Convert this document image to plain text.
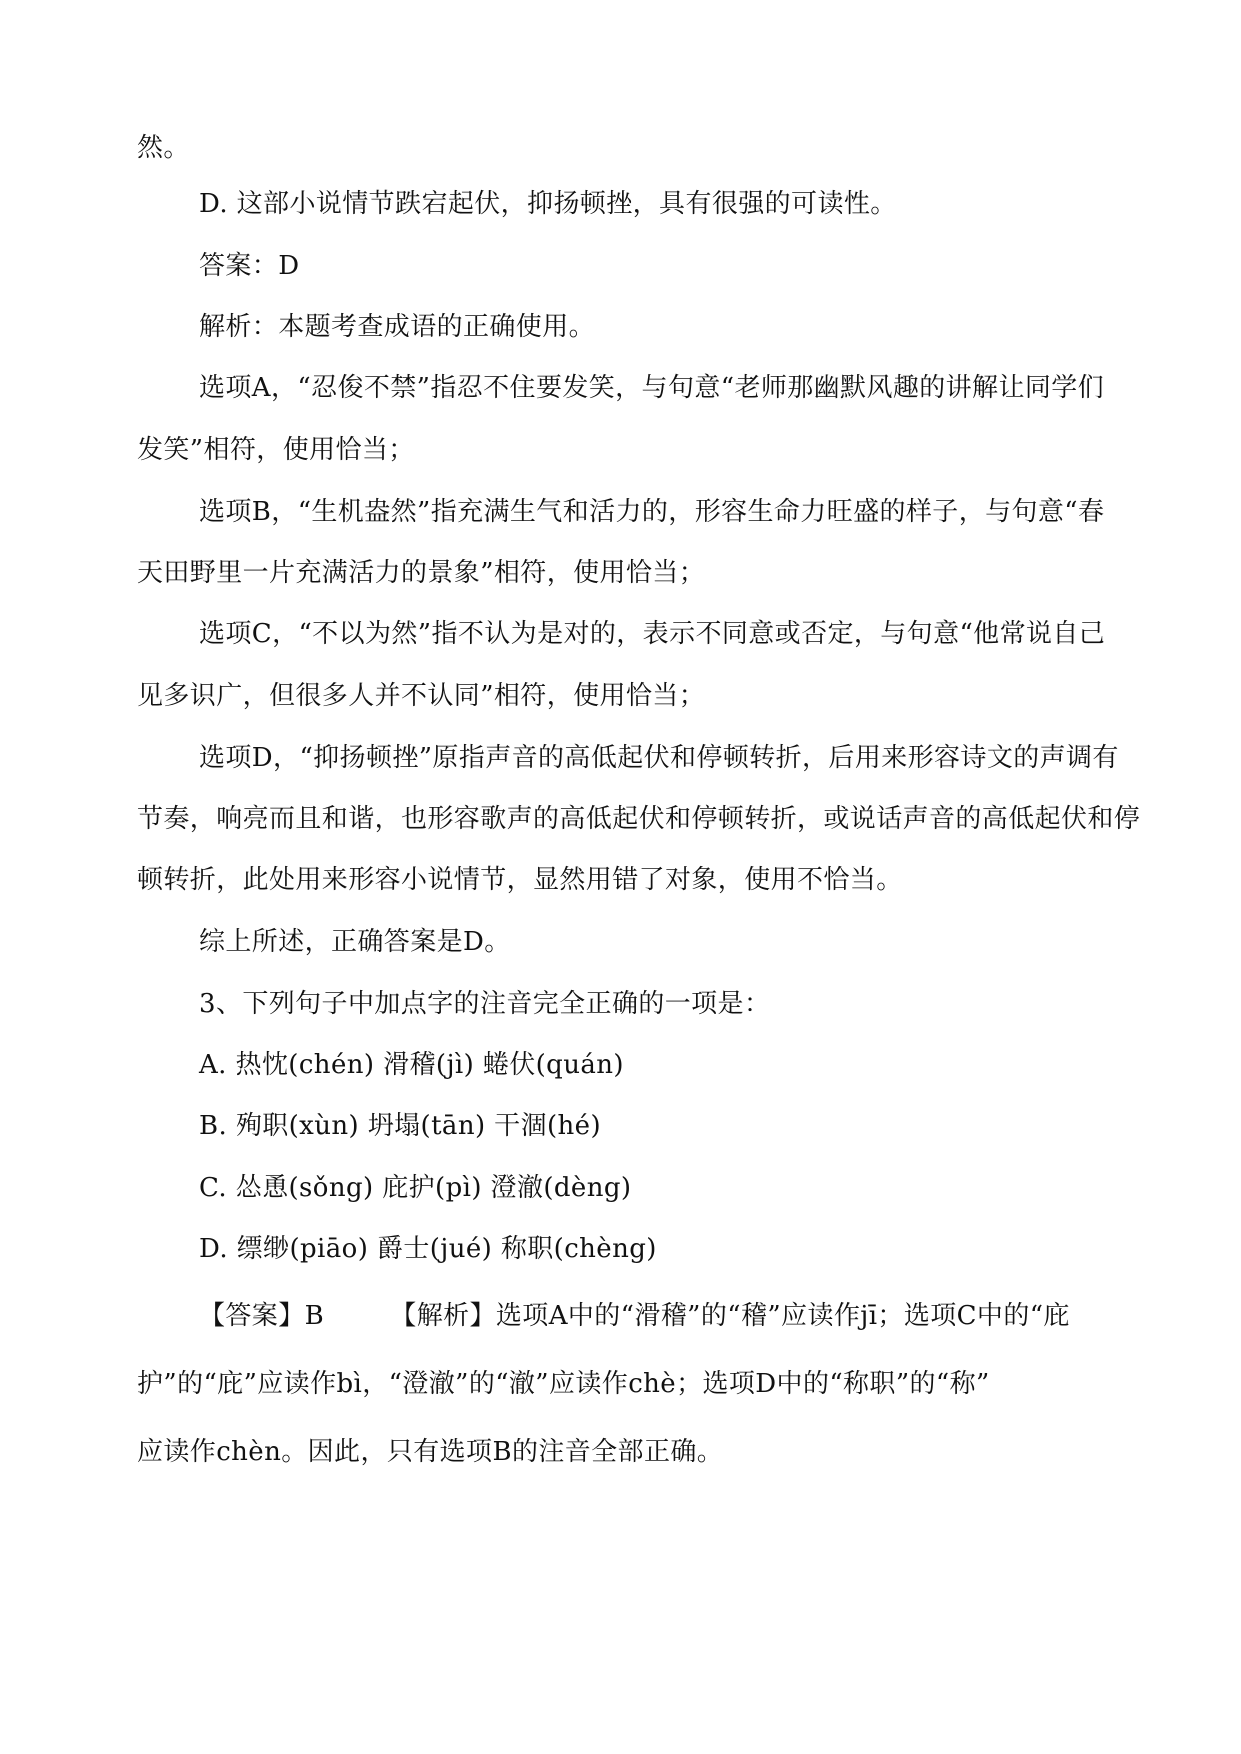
然。
D. 这部小说情节跌宕起伏，抑扬顿挫，具有很强的可读性。
答案：D
解析：本题考查成语的正确使用。
选项A，“忍俊不禁”指忍不住要发笑，与句意“老师那幽默风趣的讲解让同学们
发笑”相符，使用恰当；
选项B，“生机盎然”指充满生气和活力的，形容生命力旺盛的样子，与句意“春
天田野里一片充满活力的景象”相符，使用恰当；
选项C，“不以为然”指不认为是对的，表示不同意或否定，与句意“他常说自己
见多识广，但很多人并不认同”相符，使用恰当；
选项D，“抑扬顿挫”原指声音的高低起伏和停顿转折，后用来形容诗文的声调有
节奏，响亮而且和谐，也形容歌声的高低起伏和停顿转折，或说话声音的高低起伏和停
顿转折，此处用来形容小说情节，显然用错了对象，使用不恰当。
综上所述，正确答案是D。
3、下列句子中加点字的注音完全正确的一项是：
A. 热忱(chén) 滑稽(jì) 蜷伏(quán)
B. 殉职(xùn) 坍塌(tān) 干涸(hé)
C. 怂恿(sǒng) 庇护(pì) 澄澈(dèng)
D. 缥缈(piāo) 爵士(jué) 称职(chèng)
【答案】B　　　【解析】选项A中的“滑稽”的“稽”应读作jī；选项C中的“庇
护”的“庇”应读作bì，“澄澈”的“澈”应读作chè；选项D中的“称职”的“称”
应读作chèn。因此，只有选项B的注音全部正确。
